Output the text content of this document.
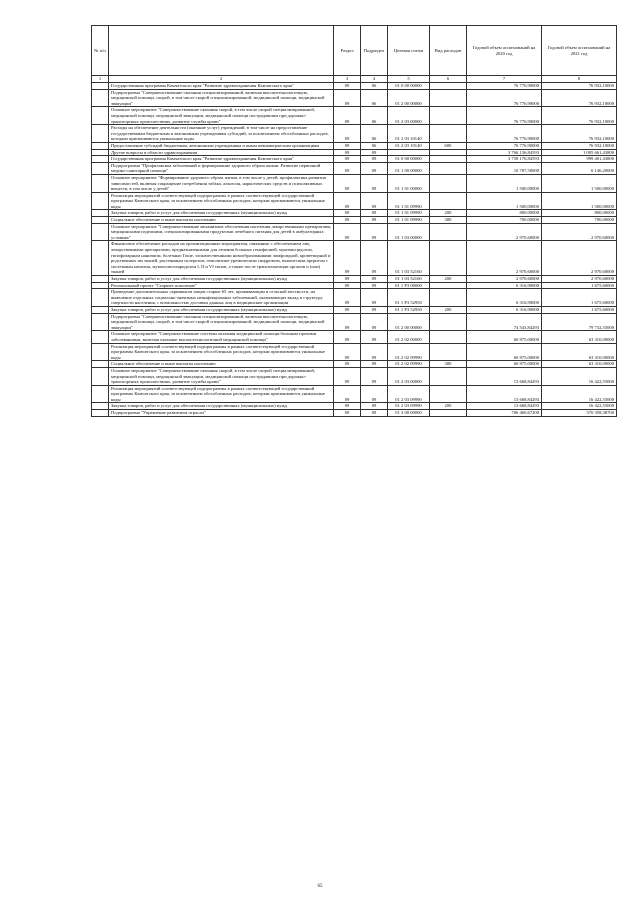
№ п/п		Раздел	Подраздел	Целевая статья	Вид расходов	Годовой объем ассигнований на 2020 год	Годовой объем ассигнований на 2021 год
1	2	3	4	5	6	7	8
	Государственная программа Камчатского края "Развитие здравоохранения Камчатского края"	09	06	01 0 00 00000		76 776,90000	76 932,10000
	Подпрограмма "Совершенствование оказания специализированной, включая высокотехнологичную, медицинской помощи, скорой, в том числе скорой специализированной, медицинской помощи, медицинской эвакуации"	09	06	01 2 00 00000		76 776,90000	76 932,10000
	Основное мероприятие "Совершенствование оказания скорой, в том числе скорой специализированной, медицинской помощи, медицинской эвакуации, медицинской помощи пострадавшим при дорожно-транспортных происшествиях, развитие службы крови"	09	06	01 2 03 00000		76 776,90000	76 932,10000
	Расходы на обеспечение деятельности (оказание услуг) учреждений, в том числе на предоставление государственным бюджетным и автономным учреждениям субсидий, за исключением обособленных расходов, которым присваиваются уникальные коды	09	06	01 2 03 10140		76 776,90000	76 932,10000
	Предоставление субсидий бюджетным, автономным учреждениям и иным некоммерческим организациям	09	06	01 2 03 10140	600	76 776,90000	76 932,10000
	Другие вопросы в области здравоохранения	09	09			3 766 136,84593	1 005 661,43800
	Государственная программа Камчатского края "Развитие здравоохранения Камчатского края"	09	09	01 0 00 00000		3 758 176,84593	999 401,43800
	Подпрограмма "Профилактика заболеваний и формирование здорового образа жизни. Развитие первичной медико-санитарной помощи"	09	09	01 1 00 00000		10 787,50000	6 146,20000
	Основное мероприятие "Формирование здорового образа жизни, в том числе у детей, профилактика развития зависимостей, включая сокращение потребления табака, алкоголя, наркотических средств и психоактивных веществ, в том числе у детей"	09	09	01 1 01 00000		1 500,00000	1 500,00000
	Реализация мероприятий соответствующей подпрограммы в рамках соответствующей государственной программы Камчатского края, за исключением обособленных расходов, которым присваиваются уникальные коды	09	09	01 1 01 09990		1 500,00000	1 500,00000
	Закупка товаров, работ и услуг для обеспечения государственных (муниципальных) нужд	09	09	01 1 01 09990	200	800,00000	800,00000
	Социальное обеспечение и иные выплаты населению	09	09	01 1 01 09990	300	700,00000	700,00000
	Основное мероприятие "Совершенствование механизмов обеспечения населения лекарственными препаратами, медицинскими изделиями, специализированными продуктами лечебного питания для детей в амбулаторных условиях"	09	09	01 1 03 00000		2 970,60000	2 970,60000
	Финансовое обеспечение расходов на организационные мероприятия, связанные с обеспечением лиц лекарственными препаратами, предназначенными для лечения больных гемофилией, муковисцидозом, гипофизарным нанизмом, болезнью Гоше, злокачественными новообразованиями лимфоидной, кроветворной и родственных им тканей, рассеянным склерозом, гемолитико-уремическим синдромом, юношеским артритом с системным началом, мукополисахаридозом I, II и VI типов, а также после трансплантации органов и (или) тканей	09	09	01 1 03 52160		2 970,60000	2 970,60000
	Закупка товаров, работ и услуг для обеспечения государственных (муниципальных) нужд	09	09	01 1 03 52160	200	2 970,60000	2 970,60000
	Региональный проект "Старшее поколение"	09	09	01 1 P3 00000		6 316,90000	1 675,60000
	Проведение дополнительных скринингов лицам старше 65 лет, проживающим в сельской местности, на выявление отдельных социально-значимых неинфекционных заболеваний, оказывающих вклад в структуру смертности населения, с возможностью доставки данных лиц в медицинские организации	09	09	01 1 P3 52950		6 316,90000	1 675,60000
	Закупка товаров, работ и услуг для обеспечения государственных (муниципальных) нужд	09	09	01 1 P3 52950	200	6 316,90000	1 675,60000
	Подпрограмма "Совершенствование оказания специализированной, включая высокотехнологичную, медицинской помощи, скорой, в том числе скорой специализированной, медицинской помощи, медицинской эвакуации"	09	09	01 2 00 00000		74 543,84293	79 732,55000
	Основное мероприятие "Совершенствование системы оказания медицинской помощи больным прочими заболеваниями, включая оказание высокотехнологичной медицинской помощи"	09	09	01 2 02 00000		60 875,00000	63 310,00000
	Реализация мероприятий соответствующей подпрограммы в рамках соответствующей государственной программы Камчатского края, за исключением обособленных расходов, которым присваиваются уникальные коды	09	09	01 2 02 09990		60 875,00000	63 310,00000
	Социальное обеспечение и иные выплаты населению	09	09	01 2 02 09990	300	60 875,00000	63 310,00000
	Основное мероприятие "Совершенствование оказания скорой, в том числе скорой специализированной, медицинской помощи, медицинской эвакуации, медицинской помощи пострадавшим при дорожно-транспортных происшествиях, развитие службы крови"	09	09	01 2 03 00000		13 668,84293	16 422,55000
	Реализация мероприятий соответствующей подпрограммы в рамках соответствующей государственной программы Камчатского края, за исключением обособленных расходов, которым присваиваются уникальные коды	09	09	01 2 03 09990		13 668,84293	16 422,55000
	Закупка товаров, работ и услуг для обеспечения государственных (муниципальных) нужд	09	09	01 2 03 09990	200	13 668,84293	16 422,55000
	Подпрограмма "Управление развитием отрасли"	09	09	01 3 00 00000		706 460,67200	570 358,38700
65
